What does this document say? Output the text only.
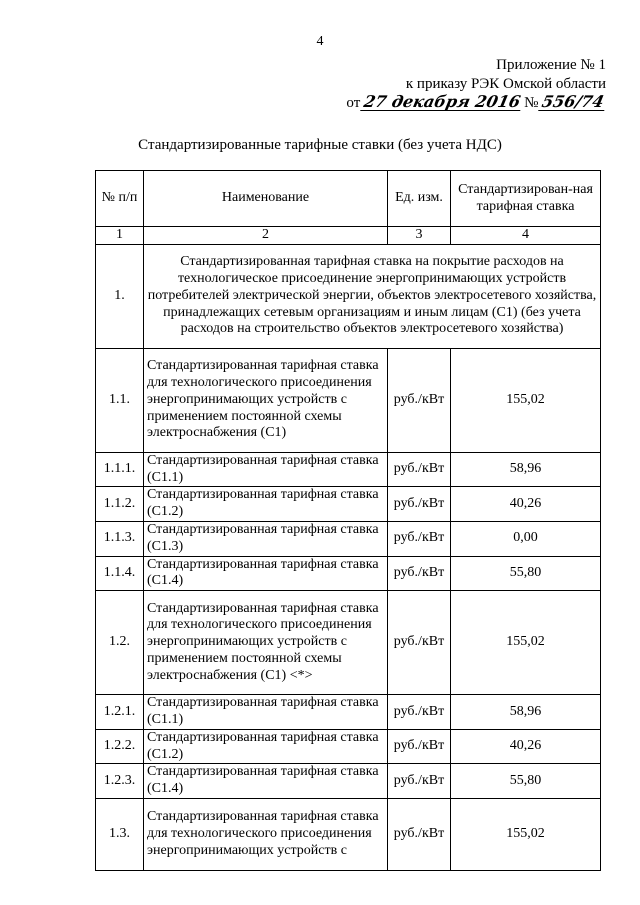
4
Приложение № 1
к приказу РЭК Омской области
от 27 декабря 2016 № 556/74
Стандартизированные тарифные ставки (без учета НДС)
№ п/п	Наименование	Ед. изм.	Стандартизирован-ная тарифная ставка
1	2	3	4
1.	Стандартизированная тарифная ставка на покрытие расходов на технологическое присоединение энергопринимающих устройств потребителей электрической энергии, объектов электросетевого хозяйства, принадлежащих сетевым организациям и иным лицам (С1) (без учета расходов на строительство объектов электросетевого хозяйства)		
1.1.	Стандартизированная тарифная ставка для технологического присоединения энергопринимающих устройств с применением постоянной схемы электроснабжения (С1)	руб./кВт	155,02
1.1.1.	Стандартизированная тарифная ставка (С1.1)	руб./кВт	58,96
1.1.2.	Стандартизированная тарифная ставка (С1.2)	руб./кВт	40,26
1.1.3.	Стандартизированная тарифная ставка (С1.3)	руб./кВт	0,00
1.1.4.	Стандартизированная тарифная ставка (С1.4)	руб./кВт	55,80
1.2.	Стандартизированная тарифная ставка для технологического присоединения энергопринимающих устройств с применением постоянной схемы электроснабжения (С1) <*>	руб./кВт	155,02
1.2.1.	Стандартизированная тарифная ставка (С1.1)	руб./кВт	58,96
1.2.2.	Стандартизированная тарифная ставка (С1.2)	руб./кВт	40,26
1.2.3.	Стандартизированная тарифная ставка (С1.4)	руб./кВт	55,80
1.3.	Стандартизированная тарифная ставка для технологического присоединения энергопринимающих устройств с	руб./кВт	155,02
